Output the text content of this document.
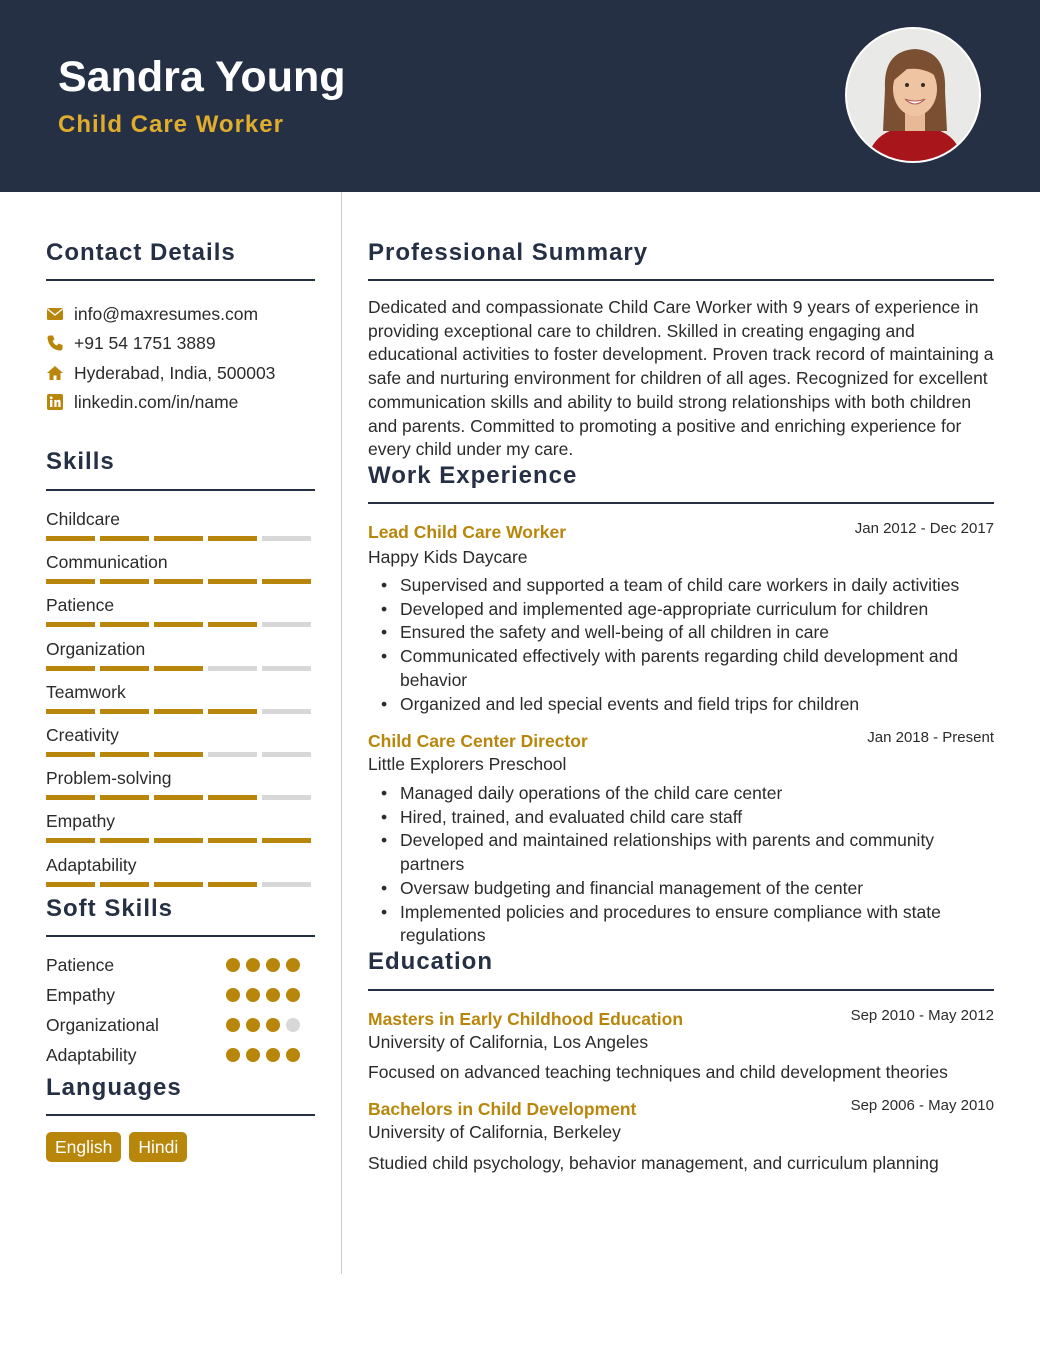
Sandra Young
Child Care Worker
Contact Details
info@maxresumes.com
+91 54 1751 3889
Hyderabad, India, 500003
linkedin.com/in/name
Skills
Childcare
Communication
Patience
Organization
Teamwork
Creativity
Problem-solving
Empathy
Adaptability
Soft Skills
Patience
Empathy
Organizational
Adaptability
Languages
English	Hindi
Professional Summary
Dedicated and compassionate Child Care Worker with 9 years of experience in providing exceptional care to children. Skilled in creating engaging and educational activities to foster development. Proven track record of maintaining a safe and nurturing environment for children of all ages. Recognized for excellent communication skills and ability to build strong relationships with both children and parents. Committed to promoting a positive and enriching experience for every child under my care.
Work Experience
Lead Child Care Worker	Jan 2012 - Dec 2017
Happy Kids Daycare
• Supervised and supported a team of child care workers in daily activities
• Developed and implemented age-appropriate curriculum for children
• Ensured the safety and well-being of all children in care
• Communicated effectively with parents regarding child development and behavior
• Organized and led special events and field trips for children
Child Care Center Director	Jan 2018 - Present
Little Explorers Preschool
• Managed daily operations of the child care center
• Hired, trained, and evaluated child care staff
• Developed and maintained relationships with parents and community partners
• Oversaw budgeting and financial management of the center
• Implemented policies and procedures to ensure compliance with state regulations
Education
Masters in Early Childhood Education	Sep 2010 - May 2012
University of California, Los Angeles
Focused on advanced teaching techniques and child development theories
Bachelors in Child Development	Sep 2006 - May 2010
University of California, Berkeley
Studied child psychology, behavior management, and curriculum planning
